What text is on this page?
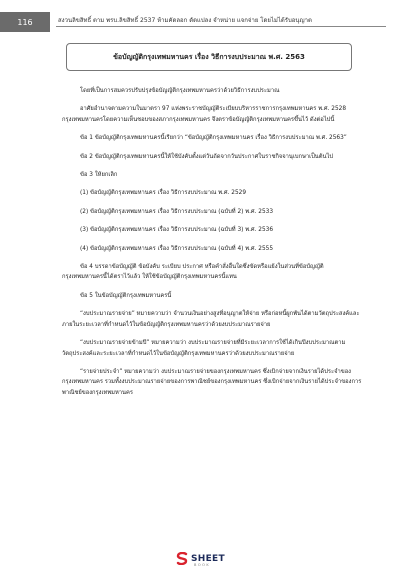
116	สงวนลิขสิทธิ์ ตาม พรบ.ลิขสิทธิ์ 2537 ห้ามคัดลอก ดัดแปลง จำหน่าย แจกจ่าย โดยไม่ได้รับอนุญาต
ข้อบัญญัติกรุงเทพมหานคร เรื่อง วิธีการงบประมาณ พ.ศ. 2563

โดยที่เป็นการสมควรปรับปรุงข้อบัญญัติกรุงเทพมหานครว่าด้วยวิธีการงบประมาณ

อาศัยอำนาจตามความในมาตรา 97 แห่งพระราชบัญญัติระเบียบบริหารราชการกรุงเทพมหานคร พ.ศ. 2528 กรุงเทพมหานครโดยความเห็นชอบของสภากรุงเทพมหานคร จึงตราข้อบัญญัติกรุงเทพมหานครขึ้นไว้ ดังต่อไปนี้

ข้อ 1 ข้อบัญญัติกรุงเทพมหานครนี้เรียกว่า “ข้อบัญญัติกรุงเทพมหานคร เรื่อง วิธีการงบประมาณ พ.ศ. 2563”

ข้อ 2 ข้อบัญญัติกรุงเทพมหานครนี้ให้ใช้บังคับตั้งแต่วันถัดจากวันประกาศในราชกิจจานุเบกษาเป็นต้นไป

ข้อ 3 ให้ยกเลิก

(1) ข้อบัญญัติกรุงเทพมหานคร เรื่อง วิธีการงบประมาณ พ.ศ. 2529

(2) ข้อบัญญัติกรุงเทพมหานคร เรื่อง วิธีการงบประมาณ (ฉบับที่ 2) พ.ศ. 2533

(3) ข้อบัญญัติกรุงเทพมหานคร เรื่อง วิธีการงบประมาณ (ฉบับที่ 3) พ.ศ. 2536

(4) ข้อบัญญัติกรุงเทพมหานคร เรื่อง วิธีการงบประมาณ (ฉบับที่ 4) พ.ศ. 2555

ข้อ 4 บรรดาข้อบัญญัติ ข้อบังคับ ระเบียบ ประกาศ หรือคำสั่งอื่นใดซึ่งขัดหรือแย้งในส่วนที่ข้อบัญญัติกรุงเทพมหานครนี้ได้ตราไว้แล้ว ให้ใช้ข้อบัญญัติกรุงเทพมหานครนี้แทน

ข้อ 5 ในข้อบัญญัติกรุงเทพมหานครนี้

“งบประมาณรายจ่าย” หมายความว่า จำนวนเงินอย่างสูงที่อนุญาตให้จ่าย หรือก่อหนี้ผูกพันได้ตามวัตถุประสงค์และภายในระยะเวลาที่กำหนดไว้ในข้อบัญญัติกรุงเทพมหานครว่าด้วยงบประมาณรายจ่าย

“งบประมาณรายจ่ายข้ามปี” หมายความว่า งบประมาณรายจ่ายที่มีระยะเวลาการใช้ได้เกินปีงบประมาณตามวัตถุประสงค์และระยะเวลาที่กำหนดไว้ในข้อบัญญัติกรุงเทพมหานครว่าด้วยงบประมาณรายจ่าย

“รายจ่ายประจำ” หมายความว่า งบประมาณรายจ่ายของกรุงเทพมหานคร ซึ่งเบิกจ่ายจากเงินรายได้ประจำของกรุงเทพมหานคร รวมทั้งงบประมาณรายจ่ายของการพาณิชย์ของกรุงเทพมหานคร ซึ่งเบิกจ่ายจากเงินรายได้ประจำของการพาณิชย์ของกรุงเทพมหานคร

SHEET
BOOK
